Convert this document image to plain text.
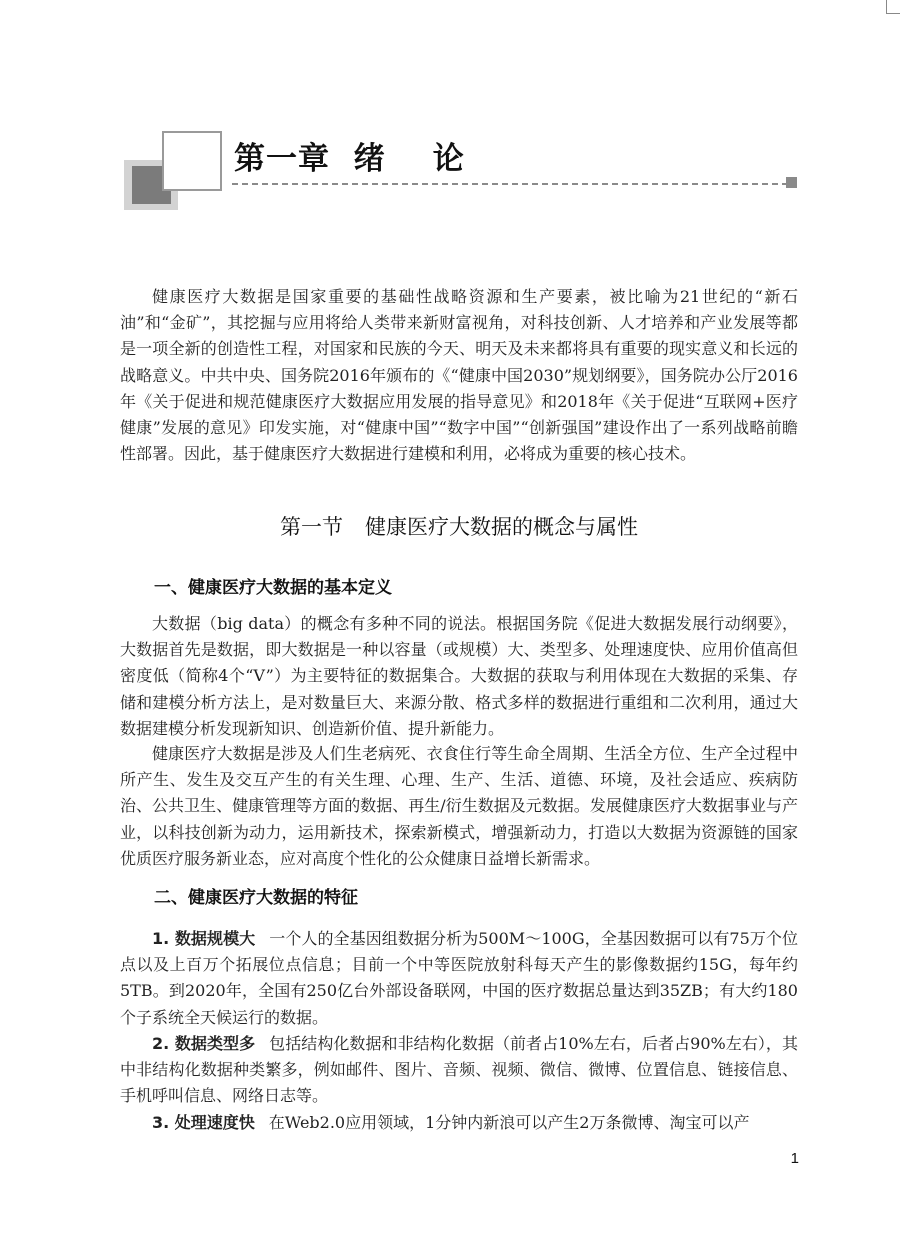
第一章  绪    论

健康医疗大数据是国家重要的基础性战略资源和生产要素，被比喻为21世纪的“新石油”和“金矿”，其挖掘与应用将给人类带来新财富视角，对科技创新、人才培养和产业发展等都是一项全新的创造性工程，对国家和民族的今天、明天及未来都将具有重要的现实意义和长远的战略意义。中共中央、国务院2016年颁布的《“健康中国2030”规划纲要》，国务院办公厅2016年《关于促进和规范健康医疗大数据应用发展的指导意见》和2018年《关于促进“互联网+医疗健康”发展的意见》印发实施，对“健康中国”“数字中国”“创新强国”建设作出了一系列战略前瞻性部署。因此，基于健康医疗大数据进行建模和利用，必将成为重要的核心技术。

第一节 健康医疗大数据的概念与属性
一、健康医疗大数据的基本定义

大数据（big data）的概念有多种不同的说法。根据国务院《促进大数据发展行动纲要》，大数据首先是数据，即大数据是一种以容量（或规模）大、类型多、处理速度快、应用价值高但密度低（简称4个“V”）为主要特征的数据集合。大数据的获取与利用体现在大数据的采集、存储和建模分析方法上，是对数量巨大、来源分散、格式多样的数据进行重组和二次利用，通过大数据建模分析发现新知识、创造新价值、提升新能力。

健康医疗大数据是涉及人们生老病死、衣食住行等生命全周期、生活全方位、生产全过程中所产生、发生及交互产生的有关生理、心理、生产、生活、道德、环境，及社会适应、疾病防治、公共卫生、健康管理等方面的数据、再生/衍生数据及元数据。发展健康医疗大数据事业与产业，以科技创新为动力，运用新技术，探索新模式，增强新动力，打造以大数据为资源链的国家优质医疗服务新业态，应对高度个性化的公众健康日益增长新需求。

二、健康医疗大数据的特征

1. 数据规模大 一个人的全基因组数据分析为500M～100G，全基因数据可以有75万个位点以及上百万个拓展位点信息；目前一个中等医院放射科每天产生的影像数据约15G，每年约5TB。到2020年，全国有250亿台外部设备联网，中国的医疗数据总量达到35ZB；有大约180个子系统全天候运行的数据。

2. 数据类型多 包括结构化数据和非结构化数据（前者占10%左右，后者占90%左右），其中非结构化数据种类繁多，例如邮件、图片、音频、视频、微信、微博、位置信息、链接信息、手机呼叫信息、网络日志等。

3. 处理速度快 在Web2.0应用领域，1分钟内新浪可以产生2万条微博、淘宝可以产

1
